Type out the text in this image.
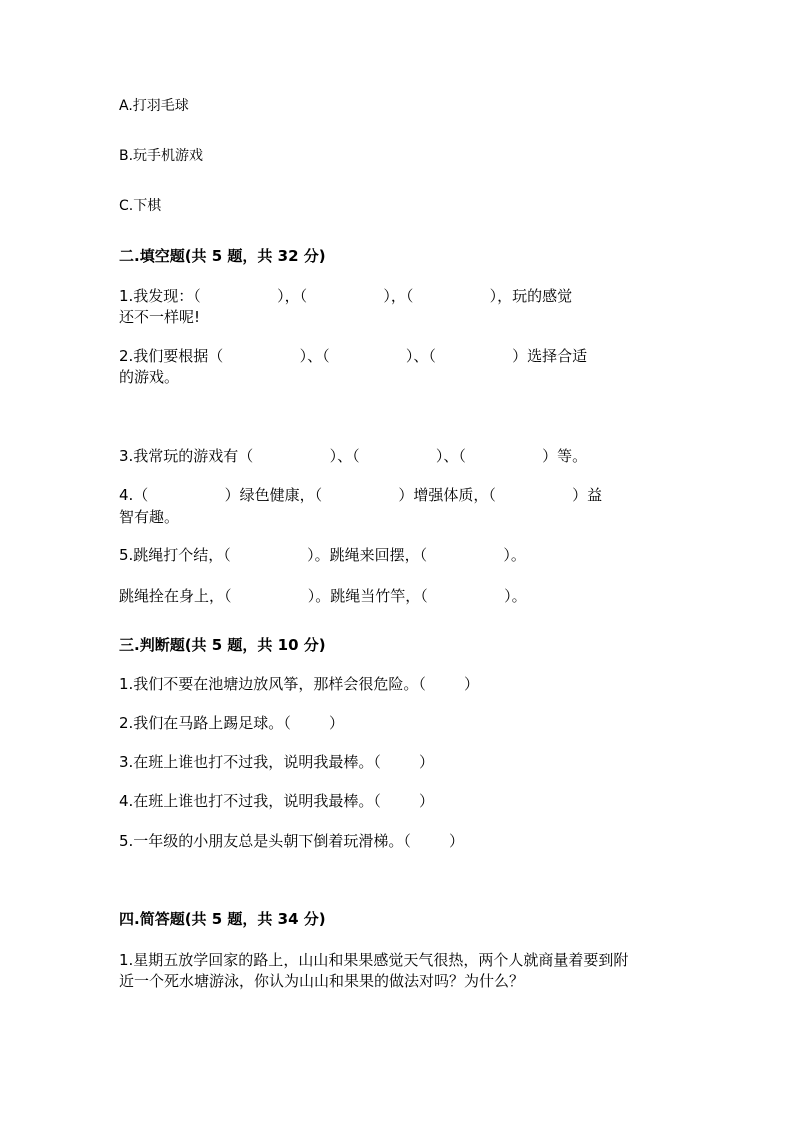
A.打羽毛球
B.玩手机游戏
C.下棋
二.填空题(共 5 题，共 32 分)
1.我发现：（                ），（                ），（                ），玩的感觉
还不一样呢!
2.我们要根据（                ）、（                ）、（                ）选择合适
的游戏。
3.我常玩的游戏有（                ）、（                ）、（                ）等。
4.（                ）绿色健康，（                ）增强体质，（                ）益
智有趣。
5.跳绳打个结，（                ）。跳绳来回摆，（                ）。
跳绳拴在身上，（                ）。跳绳当竹竿，（                ）。
三.判断题(共 5 题，共 10 分)
1.我们不要在池塘边放风筝，那样会很危险。（        ）
2.我们在马路上踢足球。（        ）
3.在班上谁也打不过我，说明我最棒。（        ）
4.在班上谁也打不过我，说明我最棒。（        ）
5.一年级的小朋友总是头朝下倒着玩滑梯。（        ）
四.简答题(共 5 题，共 34 分)
1.星期五放学回家的路上，山山和果果感觉天气很热，两个人就商量着要到附
近一个死水塘游泳，你认为山山和果果的做法对吗？为什么？
